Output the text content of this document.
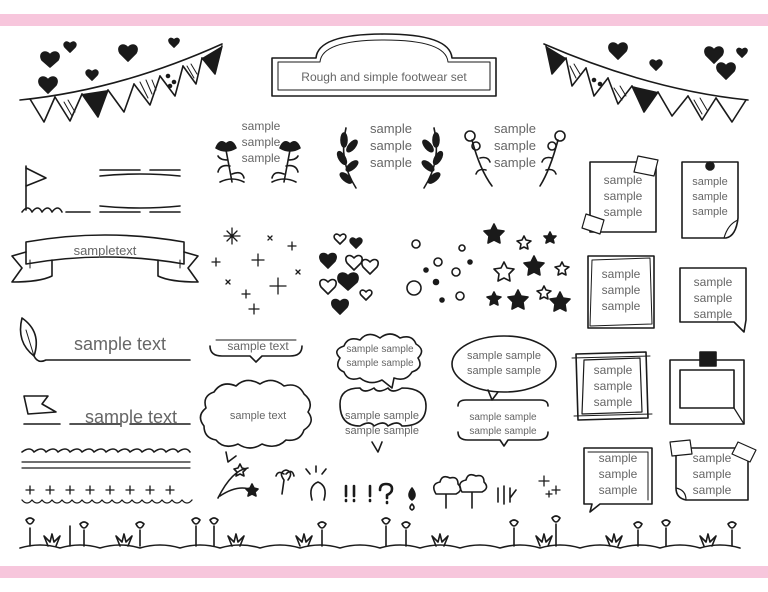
Rough and simple footwear set
sample
sample
sample
sample
sample
sample
sample
sample
sample
sampletext
sample text
sample text
sample text	sample sample
sample sample
sample sample
sample sample
sample text	sample sample
sample sample
sample sample
sample sample
sample
sample
sample
sample
sample
sample
sample
sample
sample
sample
sample
sample
sample
sample
sample
sample
sample
sample
sample
sample
sample
